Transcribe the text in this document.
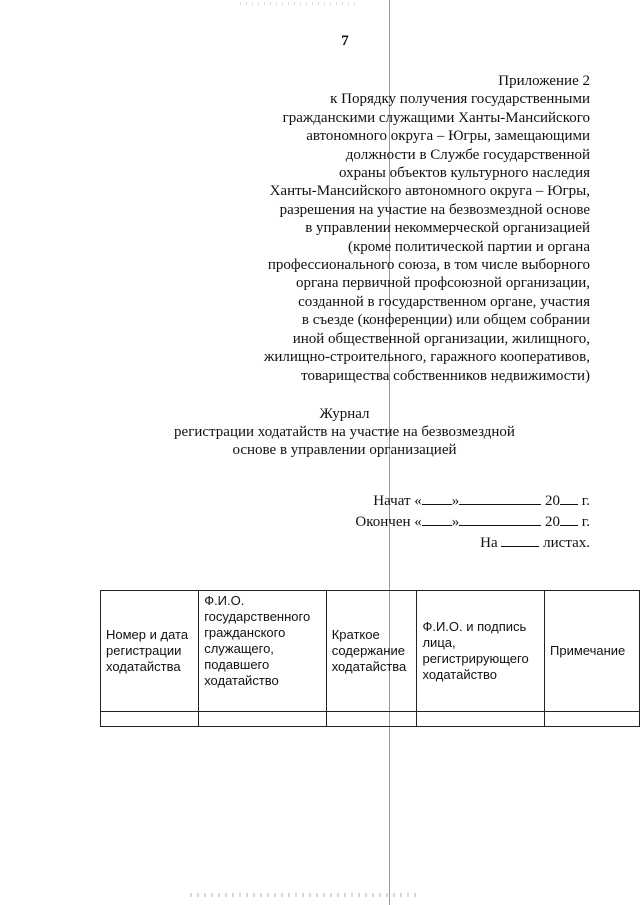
7
Приложение 2
к Порядку получения государственными
гражданскими служащими Ханты-Мансийского
автономного округа – Югры, замещающими
должности в Службе государственной
охраны объектов культурного наследия
Ханты-Мансийского автономного округа – Югры,
разрешения на участие на безвозмездной основе
в управлении некоммерческой организацией
(кроме политической партии и органа
профессионального союза, в том числе выборного
органа первичной профсоюзной организации,
созданной в государственном органе, участия
в съезде (конференции) или общем собрании
иной общественной организации, жилищного,
жилищно-строительного, гаражного кооперативов,
товарищества собственников недвижимости)
Журнал
регистрации ходатайств на участие на безвозмездной
основе в управлении организацией
Начат « »	20 г.
Окончен « »	20 г.
На	листах.
Номер и дата регистрации ходатайства	Ф.И.О. государственного гражданского служащего, подавшего ходатайство	Краткое содержание ходатайства	Ф.И.О. и подпись лица, регистрирующего ходатайство	Примечание
